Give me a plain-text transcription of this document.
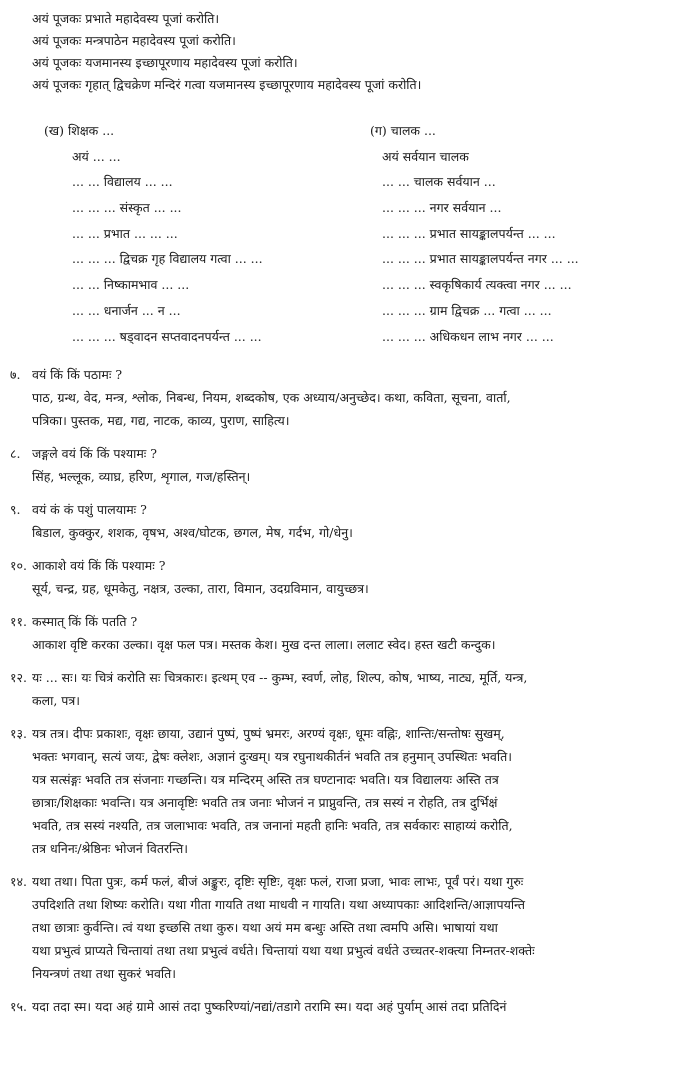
अयं पूजकः प्रभाते महादेवस्य पूजां करोति।
अयं पूजकः मन्त्रपाठेन महादेवस्य पूजां करोति।
अयं पूजकः यजमानस्य इच्छापूरणाय महादेवस्य पूजां करोति।
अयं पूजकः गृहात् द्विचक्रेण मन्दिरं गत्वा यजमानस्य इच्छापूरणाय महादेवस्य पूजां करोति।
(ख) शिक्षक ...
अयं ... ...
... ... विद्यालय ... ...
... ... ... संस्कृत ... ...
... ... प्रभात ... ... ...
... ... ... द्विचक्र गृह विद्यालय गत्वा ... ...
... ... निष्कामभाव ... ...
... ... धनार्जन ... न ...
... ... ... षड्वादन सप्तवादनपर्यन्त ... ...
(ग) चालक ...
अयं सर्वयान चालक
... ... चालक सर्वयान ...
... ... ... नगर सर्वयान ...
... ... ... प्रभात सायङ्कालपर्यन्त ... ...
... ... ... प्रभात सायङ्कालपर्यन्त नगर ... ...
... ... ... स्वकृषिकार्य त्यक्त्वा नगर ... ...
... ... ... ग्राम द्विचक्र ... गत्वा ... ...
... ... ... अधिकधन लाभ नगर ... ...
७. वयं किं किं पठामः ?
पाठ, ग्रन्थ, वेद, मन्त्र, श्लोक, निबन्ध, नियम, शब्दकोष, एक अध्याय/अनुच्छेद। कथा, कविता, सूचना, वार्ता,
पत्रिका। पुस्तक, मद्य, गद्य, नाटक, काव्य, पुराण, साहित्य।
८. जङ्गले वयं किं किं पश्यामः ?
सिंह, भल्लूक, व्याघ्र, हरिण, शृगाल, गज/हस्तिन्।
९. वयं कं कं पशुं पालयामः ?
बिडाल, कुक्कुर, शशक, वृषभ, अश्व/घोटक, छगल, मेष, गर्दभ, गो/धेनु।
१०. आकाशे वयं किं किं पश्यामः ?
सूर्य, चन्द्र, ग्रह, धूमकेतु, नक्षत्र, उल्का, तारा, विमान, उदग्रविमान, वायुच्छत्र।
११. कस्मात् किं किं पतति ?
आकाश वृष्टि करका उल्का। वृक्ष फल पत्र। मस्तक केश। मुख दन्त लाला। ललाट स्वेद। हस्त खटी कन्दुक।
१२. यः ... सः। यः चित्रं करोति सः चित्रकारः। इत्थम् एव -- कुम्भ, स्वर्ण, लोह, शिल्प, कोष, भाष्य, नाट्य, मूर्ति, यन्त्र,
कला, पत्र।
१३. यत्र तत्र। दीपः प्रकाशः, वृक्षः छाया, उद्यानं पुष्पं, पुष्पं भ्रमरः, अरण्यं वृक्षः, धूमः वह्निः, शान्तिः/सन्तोषः सुखम्,
भक्तः भगवान्, सत्यं जयः, द्वेषः क्लेशः, अज्ञानं दुःखम्। यत्र रघुनाथकीर्तनं भवति तत्र हनुमान् उपस्थितः भवति।
यत्र सत्संङ्गः भवति तत्र संजनाः गच्छन्ति। यत्र मन्दिरम् अस्ति तत्र घण्टानादः भवति। यत्र विद्यालयः अस्ति तत्र
छात्राः/शिक्षकाः भवन्ति। यत्र अनावृष्टिः भवति तत्र जनाः भोजनं न प्राप्नुवन्ति, तत्र सस्यं न रोहति, तत्र दुर्भिक्षं
भवति, तत्र सस्यं नश्यति, तत्र जलाभावः भवति, तत्र जनानां महती हानिः भवति, तत्र सर्वकारः साहाय्यं करोति,
तत्र धनिनः/श्रेष्ठिनः भोजनं वितरन्ति।
१४. यथा तथा। पिता पुत्रः, कर्म फलं, बीजं अङ्कुरः, दृष्टिः सृष्टिः, वृक्षः फलं, राजा प्रजा, भावः लाभः, पूर्वं परं। यथा गुरुः
उपदिशति तथा शिष्यः करोति। यथा गीता गायति तथा माधवी न गायति। यथा अध्यापकाः आदिशन्ति/आज्ञापयन्ति
तथा छात्राः कुर्वन्ति। त्वं यथा इच्छसि तथा कुरु। यथा अयं मम बन्धुः अस्ति तथा त्वमपि असि। भाषायां यथा
यथा प्रभुत्वं प्राप्यते चिन्तायां तथा तथा प्रभुत्वं वर्धते। चिन्तायां यथा यथा प्रभुत्वं वर्धते उच्चतर-शक्त्या निम्नतर-शक्तेः
नियन्त्रणं तथा तथा सुकरं भवति।
१५. यदा तदा स्म। यदा अहं ग्रामे आसं तदा पुष्करिण्यां/नद्यां/तडागे तरामि स्म। यदा अहं पुर्याम् आसं तदा प्रतिदिनं
